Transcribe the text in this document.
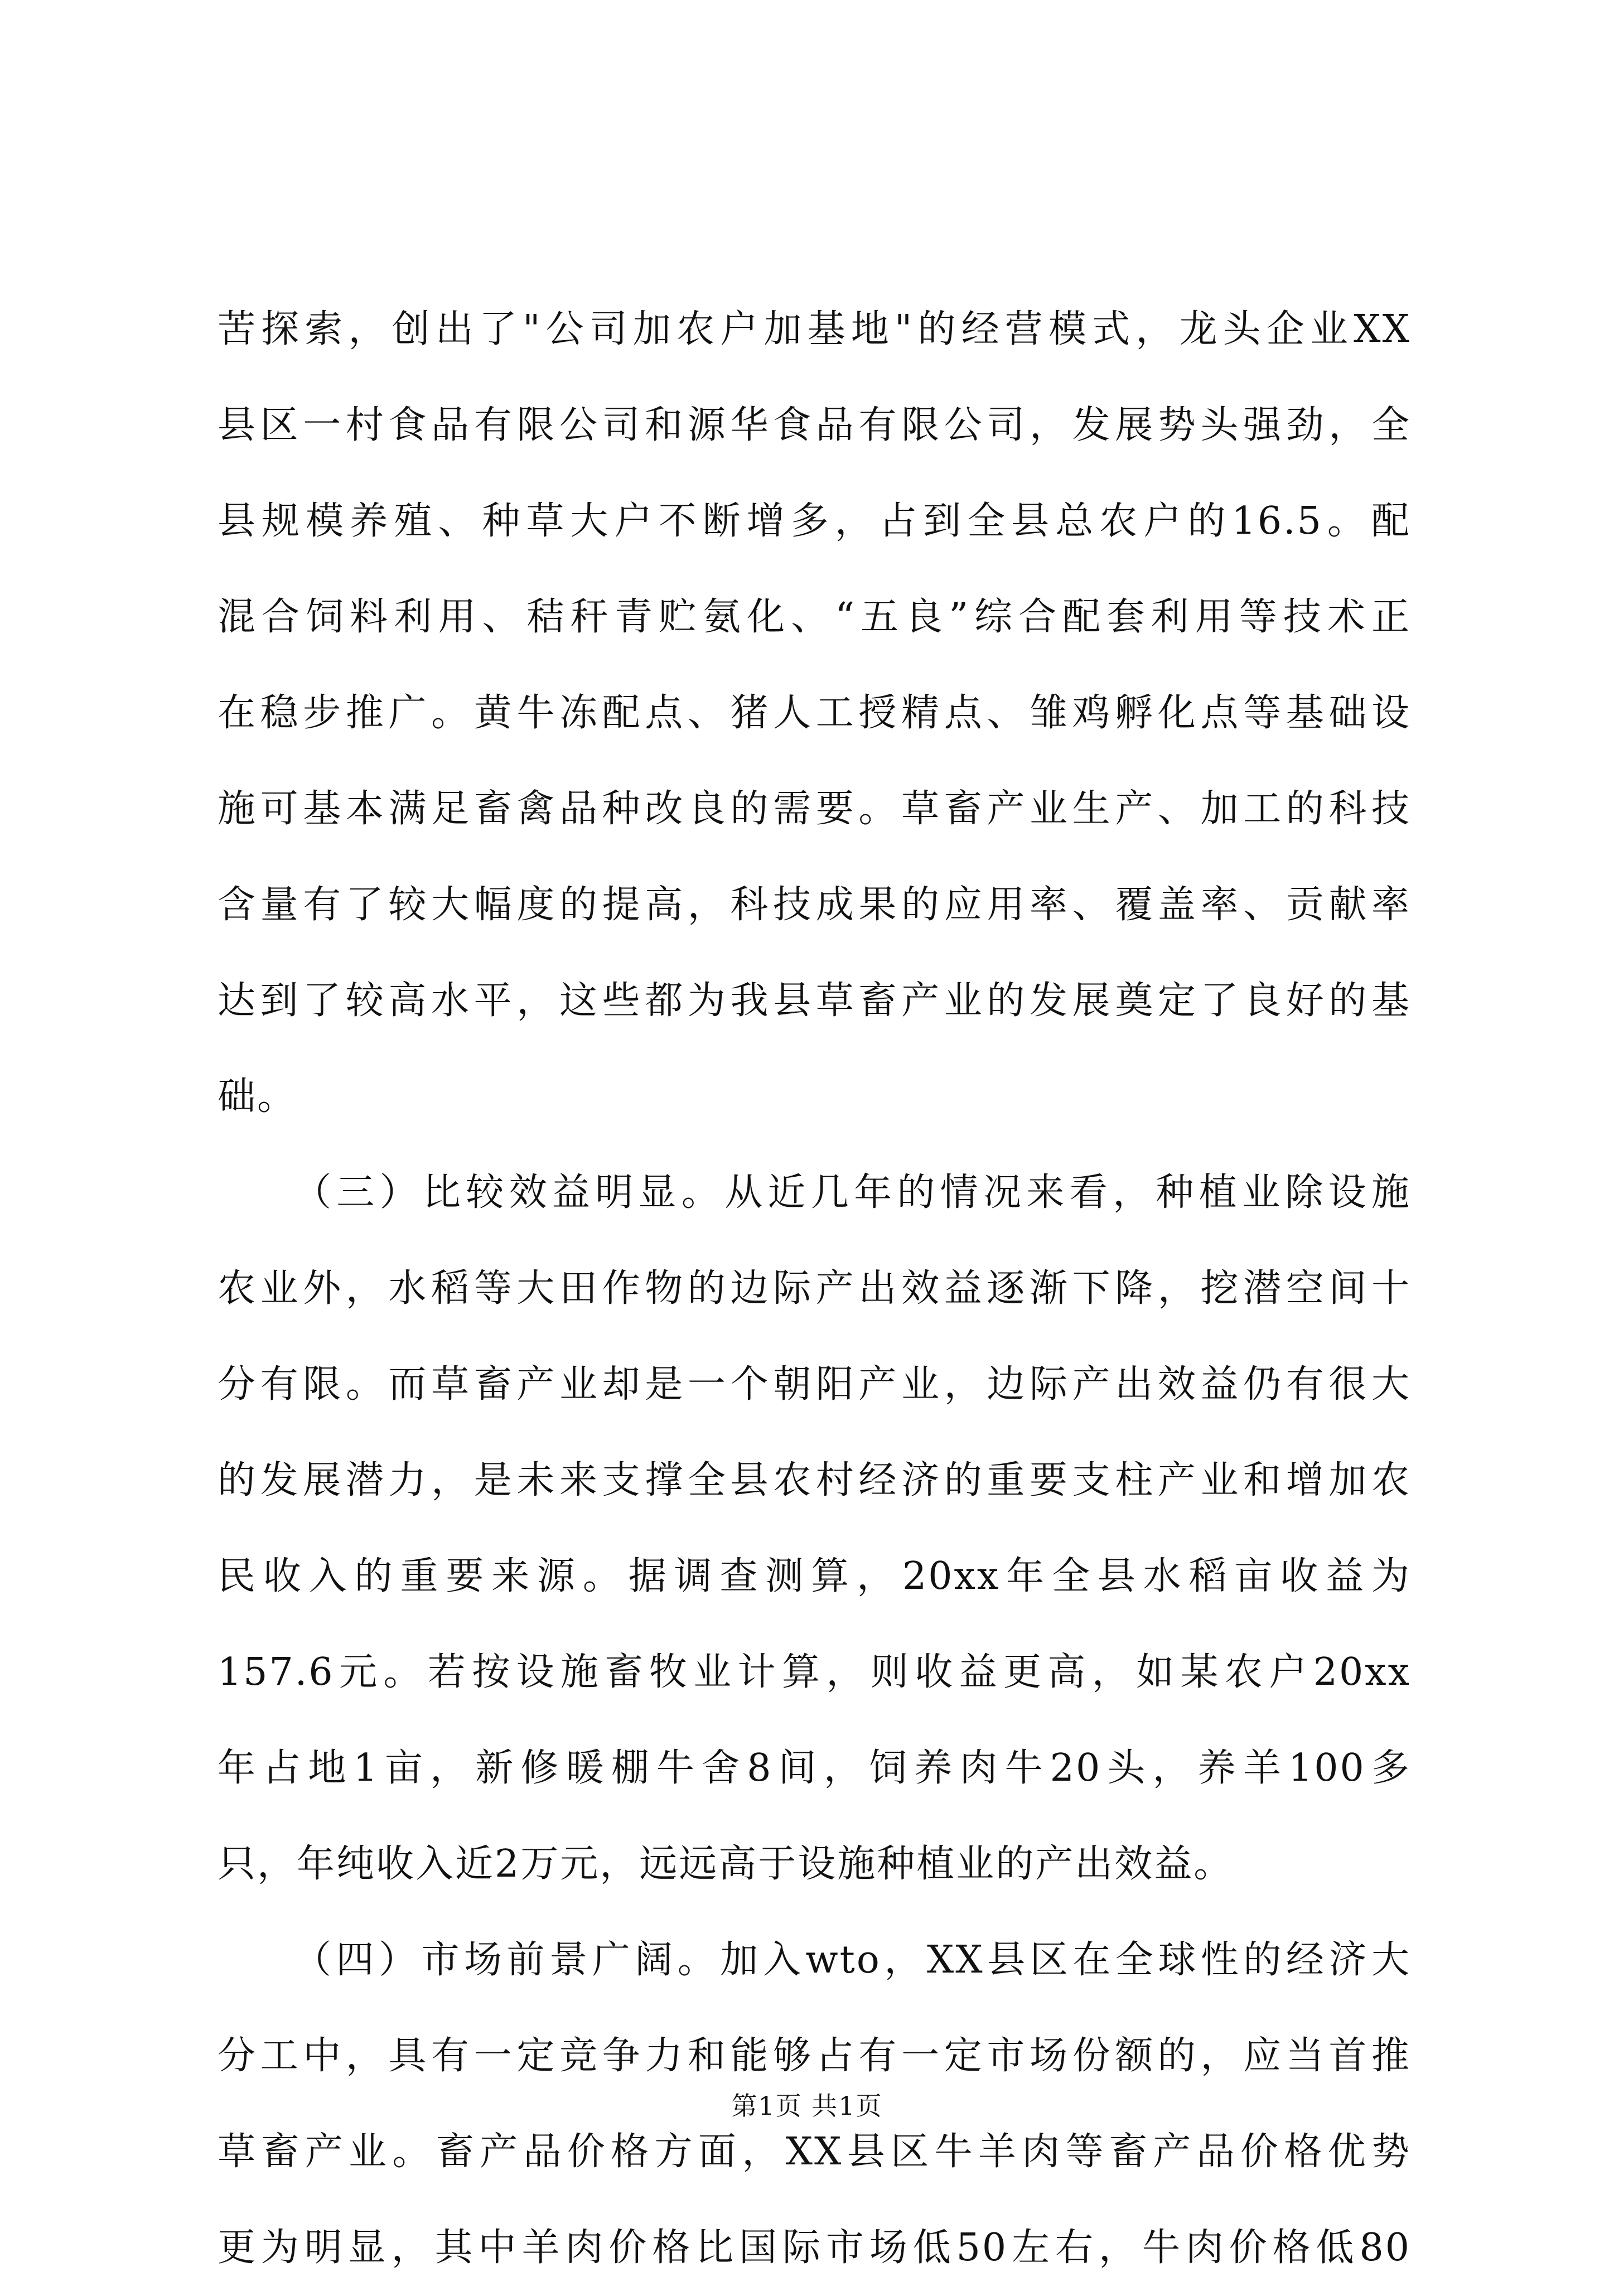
苦探索，创出了"公司加农户加基地"的经营模式，龙头企业XX
县区一村食品有限公司和源华食品有限公司，发展势头强劲，全
县规模养殖、种草大户不断增多，占到全县总农户的16.5。配
混合饲料利用、秸秆青贮氨化、“五良”综合配套利用等技术正
在稳步推广。黄牛冻配点、猪人工授精点、雏鸡孵化点等基础设
施可基本满足畜禽品种改良的需要。草畜产业生产、加工的科技
含量有了较大幅度的提高，科技成果的应用率、覆盖率、贡献率
达到了较高水平，这些都为我县草畜产业的发展奠定了良好的基
础。
（三）比较效益明显。从近几年的情况来看，种植业除设施
农业外，水稻等大田作物的边际产出效益逐渐下降，挖潜空间十
分有限。而草畜产业却是一个朝阳产业，边际产出效益仍有很大
的发展潜力，是未来支撑全县农村经济的重要支柱产业和增加农
民收入的重要来源。据调查测算，20xx年全县水稻亩收益为
157.6元。若按设施畜牧业计算，则收益更高，如某农户20xx
年占地1亩，新修暖棚牛舍8间，饲养肉牛20头，养羊100多
只，年纯收入近2万元，远远高于设施种植业的产出效益。
（四）市场前景广阔。加入wto，XX县区在全球性的经济大
分工中，具有一定竞争力和能够占有一定市场份额的，应当首推
草畜产业。畜产品价格方面，XX县区牛羊肉等畜产品价格优势
更为明显，其中羊肉价格比国际市场低50左右，牛肉价格低80
第1页 共1页
